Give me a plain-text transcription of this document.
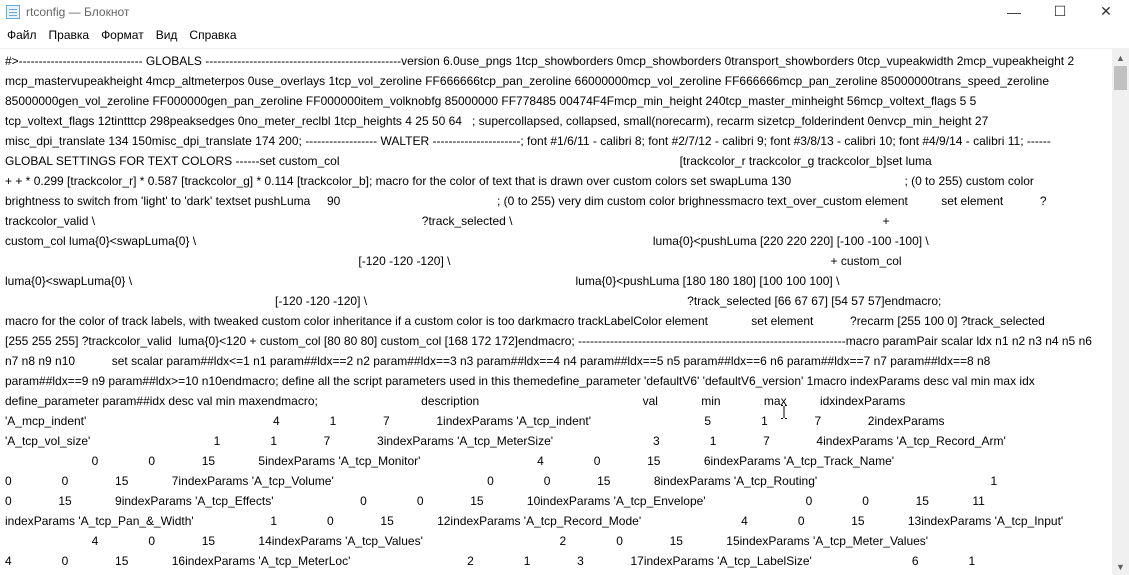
rtconfig — Блокнот	— ☐ ✕
Файл	Правка	Формат	Вид	Справка
#>------------------------------- GLOBALS -------------------------------------------------version 6.0use_pngs 1tcp_showborders 0mcp_showborders 0transport_showborders 0tcp_vupeakwidth 2mcp_vupeakheight 2
mcp_mastervupeakheight 4mcp_altmeterpos 0use_overlays 1tcp_vol_zeroline FF666666tcp_pan_zeroline 66000000mcp_vol_zeroline FF666666mcp_pan_zeroline 85000000trans_speed_zeroline
85000000gen_vol_zeroline FF000000gen_pan_zeroline FF000000item_volknobfg 85000000 FF778485 00474F4Fmcp_min_height 240tcp_master_minheight 56mcp_voltext_flags 5 5
tcp_voltext_flags 12tintttcp 298peaksedges 0no_meter_reclbl 1tcp_heights 4 25 50 64   ; supercollapsed, collapsed, small(norecarm), recarm sizetcp_folderindent 0envcp_min_height 27
misc_dpi_translate 134 150misc_dpi_translate 174 200; ------------------ WALTER ----------------------; font #1/6/11 - calibri 8; font #2/7/12 - calibri 9; font #3/8/13 - calibri 10; font #4/9/14 - calibri 11; ------
GLOBAL SETTINGS FOR TEXT COLORS ------set custom_col                                                                                                      [trackcolor_r trackcolor_g trackcolor_b]set luma
+ + * 0.299 [trackcolor_r] * 0.587 [trackcolor_g] * 0.114 [trackcolor_b]; macro for the color of text that is drawn over custom colors set swapLuma 130                                  ; (0 to 255) custom color
brightness to switch from 'light' to 'dark' textset pushLuma     90                                               ; (0 to 255) very dim custom color brighnessmacro text_over_custom element          set element           ?
trackcolor_valid \                                                                                                  ?track_selected \                                                                                                               +
custom_col luma{0}<swapLuma{0} \                                                                                                                                         luma{0}<pushLuma [220 220 220] [-100 -100 -100] \
[-120 -120 -120] \                                                                                                                  + custom_col
luma{0}<swapLuma{0} \                                                                                                                                     luma{0}<pushLuma [180 180 180] [100 100 100] \
[-120 -120 -120] \                                                                                                ?track_selected [66 67 67] [54 57 57]endmacro;
macro for the color of track labels, with tweaked custom color inheritance if a custom color is too darkmacro trackLabelColor element             set element           ?recarm [255 100 0] ?track_selected
[255 255 255] ?trackcolor_valid  luma{0}<120 + custom_col [80 80 80] custom_col [168 172 172]endmacro; -------------------------------------------------------------------macro paramPair scalar ldx n1 n2 n3 n4 n5 n6
n7 n8 n9 n10           set scalar param##ldx<=1 n1 param##ldx==2 n2 param##ldx==3 n3 param##ldx==4 n4 param##ldx==5 n5 param##ldx==6 n6 param##ldx==7 n7 param##ldx==8 n8
param##ldx==9 n9 param##ldx>=10 n10endmacro; define all the script parameters used in this themedefine_parameter 'defaultV6' 'defaultV6_version' 1macro indexParams desc val min max idx
define_parameter param##idx desc val min maxendmacro;                               description                                                 val             min             max          idxindexParams
'A_mcp_indent'                                                        4               1              7              1indexParams 'A_tcp_indent'                                  5               1              7              2indexParams
'A_tcp_vol_size'                                     1               1              7              3indexParams 'A_tcp_MeterSize'                              3               1              7              4indexParams 'A_tcp_Record_Arm'
0               0              15             5indexParams 'A_tcp_Monitor'                                   4               0              15             6indexParams 'A_tcp_Track_Name'
0               0              15             7indexParams 'A_tcp_Volume'                                              0               0              15             8indexParams 'A_tcp_Routing'                                                    1
0              15             9indexParams 'A_tcp_Effects'                          0               0              15             10indexParams 'A_tcp_Envelope'                              0               0              15             11
indexParams 'A_tcp_Pan_&_Width'                       1               0              15             12indexParams 'A_tcp_Record_Mode'                              4               0              15             13indexParams 'A_tcp_Input'
4               0              15             14indexParams 'A_tcp_Values'                                         2               0              15             15indexParams 'A_tcp_Meter_Values'
4               0              15             16indexParams 'A_tcp_MeterLoc'                                   2               1              3              17indexParams 'A_tcp_LabelSize'                              6               1
▲
▼
